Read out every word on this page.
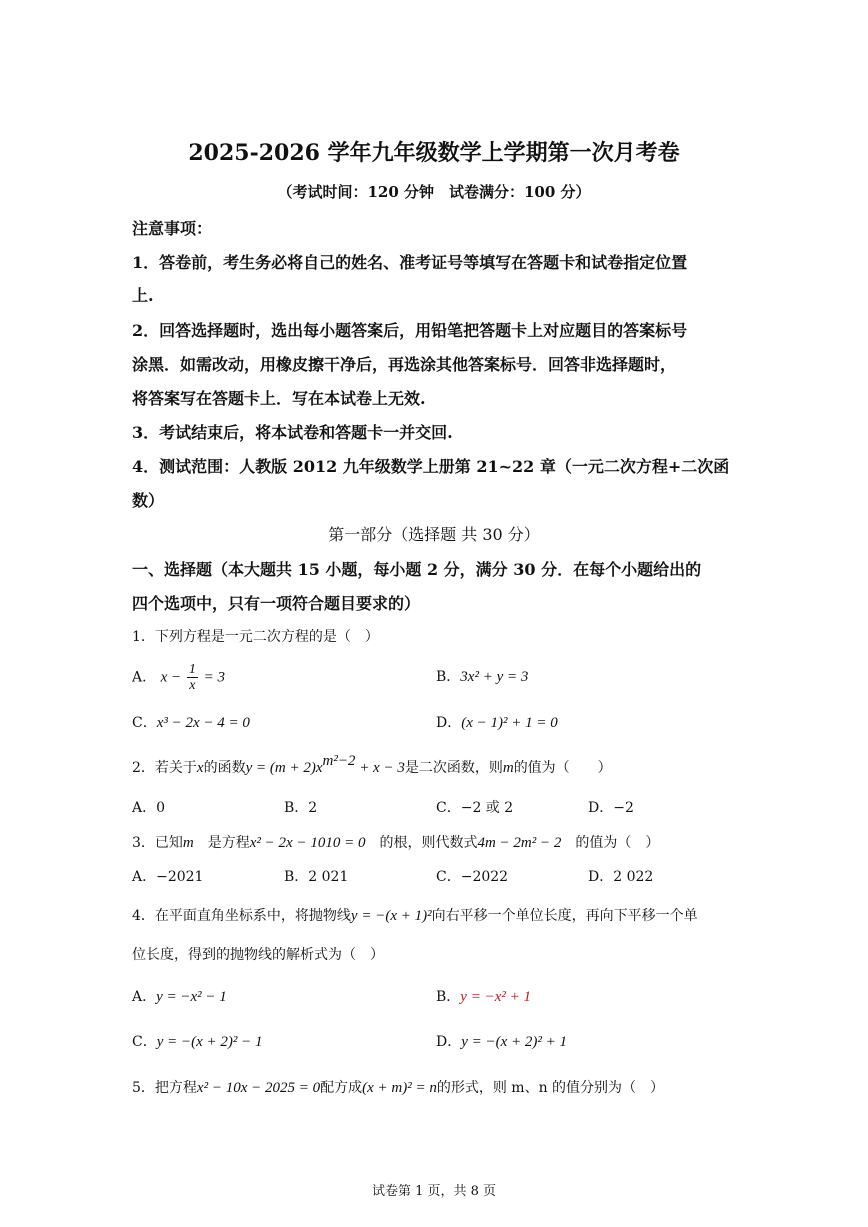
2025-2026 学年九年级数学上学期第一次月考卷
（考试时间：120 分钟　试卷满分：100 分）
注意事项：
1．答卷前，考生务必将自己的姓名、准考证号等填写在答题卡和试卷指定位置
上.
2．回答选择题时，选出每小题答案后，用铅笔把答题卡上对应题目的答案标号
涂黑．如需改动，用橡皮擦干净后，再选涂其他答案标号．回答非选择题时，
将答案写在答题卡上．写在本试卷上无效.
3．考试结束后，将本试卷和答题卡一并交回.
4．测试范围：人教版 2012 九年级数学上册第 21~22 章（一元二次方程+二次函
数）
第一部分（选择题 共 30 分）
一、选择题（本大题共 15 小题，每小题 2 分，满分 30 分．在每个小题给出的
四个选项中，只有一项符合题目要求的）
1．下列方程是一元二次方程的是（　）
A． $x - \frac{1}{x} = 3$	B．3x² + y = 3
C．x³ − 2x − 4 = 0	D．(x − 1)² + 1 = 0
2．若关于x的函数$y = (m + 2)x^{m^2-2} + x - 3$是二次函数，则m的值为（　　）
A．0	B．2	C．−2 或 2	D．−2
3．已知m　是方程x² − 2x − 1010 = 0　的根，则代数式4m − 2m² − 2　的值为（　）
A．−2021	B．2 021	C．−2022	D．2 022
4．在平面直角坐标系中，将抛物线y = −(x + 1)²向右平移一个单位长度，再向下平移一个单
位长度，得到的抛物线的解析式为（　）
A．y = −x² − 1	B．y = −x² + 1
C．y = −(x + 2)² − 1	D．y = −(x + 2)² + 1
5．把方程x² − 10x − 2025 = 0配方成(x + m)² = n的形式，则 m、n 的值分别为（　）
试卷第 1 页，共 8 页
